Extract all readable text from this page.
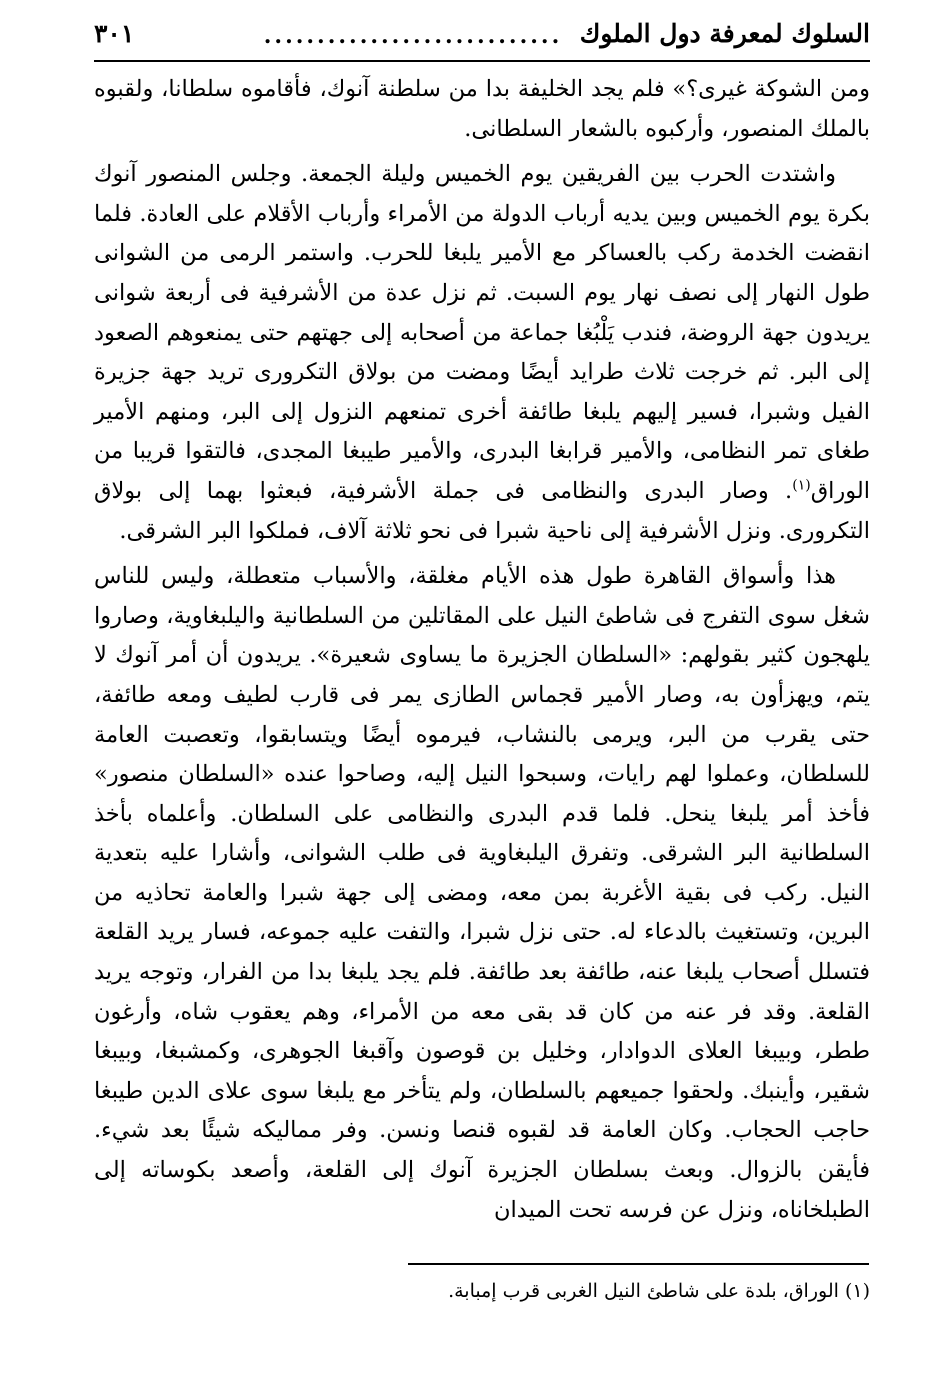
السلوك لمعرفة دول الملوك
............................
٣٠١

ومن الشوكة غيرى؟» فلم يجد الخليفة بدا من سلطنة آنوك، فأقاموه سلطانا، ولقبوه بالملك المنصور، وأركبوه بالشعار السلطانى.

واشتدت الحرب بين الفريقين يوم الخميس وليلة الجمعة. وجلس المنصور آنوك بكرة يوم الخميس وبين يديه أرباب الدولة من الأمراء وأرباب الأقلام على العادة. فلما انقضت الخدمة ركب بالعساكر مع الأمير يلبغا للحرب. واستمر الرمى من الشوانى طول النهار إلى نصف نهار يوم السبت. ثم نزل عدة من الأشرفية فى أربعة شوانى يريدون جهة الروضة، فندب يَلْبُغا جماعة من أصحابه إلى جهتهم حتى يمنعوهم الصعود إلى البر. ثم خرجت ثلاث طرايد أيضًا ومضت من بولاق التكرورى تريد جهة جزيرة الفيل وشبرا، فسير إليهم يلبغا طائفة أخرى تمنعهم النزول إلى البر، ومنهم الأمير طغاى تمر النظامى، والأمير قرابغا البدرى، والأمير طيبغا المجدى، فالتقوا قريبا من الوراق$^{(١)}$. وصار البدرى والنظامى فى جملة الأشرفية، فبعثوا بهما إلى بولاق التكرورى. ونزل الأشرفية إلى ناحية شبرا فى نحو ثلاثة آلاف، فملكوا البر الشرقى.

هذا وأسواق القاهرة طول هذه الأيام مغلقة، والأسباب متعطلة، وليس للناس شغل سوى التفرج فى شاطئ النيل على المقاتلين من السلطانية واليلبغاوية، وصاروا يلهجون كثير بقولهم: «السلطان الجزيرة ما يساوى شعيرة». يريدون أن أمر آنوك لا يتم، ويهزأون به، وصار الأمير قجماس الطازى يمر فى قارب لطيف ومعه طائفة، حتى يقرب من البر، ويرمى بالنشاب، فيرموه أيضًا ويتسابقوا، وتعصبت العامة للسلطان، وعملوا لهم رايات، وسبحوا النيل إليه، وصاحوا عنده «السلطان منصور» فأخذ أمر يلبغا ينحل. فلما قدم البدرى والنظامى على السلطان. وأعلماه بأخذ السلطانية البر الشرقى. وتفرق اليلبغاوية فى طلب الشوانى، وأشارا عليه بتعدية النيل. ركب فى بقية الأغربة بمن معه، ومضى إلى جهة شبرا والعامة تحاذيه من البرين، وتستغيث بالدعاء له. حتى نزل شبرا، والتفت عليه جموعه، فسار يريد القلعة فتسلل أصحاب يلبغا عنه، طائفة بعد طائفة. فلم يجد يلبغا بدا من الفرار، وتوجه يريد القلعة. وقد فر عنه من كان قد بقى معه من الأمراء، وهم يعقوب شاه، وأرغون ططر، وبيبغا العلاى الدوادار، وخليل بن قوصون وآقبغا الجوهرى، وكمشبغا، وبيبغا شقير، وأينبك. ولحقوا جميعهم بالسلطان، ولم يتأخر مع يلبغا سوى علاى الدين طيبغا حاجب الحجاب. وكان العامة قد لقبوه قنصا ونسن. وفر مماليكه شيئًا بعد شيء. فأيقن بالزوال. وبعث بسلطان الجزيرة آنوك إلى القلعة، وأصعد بكوساته إلى الطبلخاناه، ونزل عن فرسه تحت الميدان

(١) الوراق، بلدة على شاطئ النيل الغربى قرب إمبابة.
